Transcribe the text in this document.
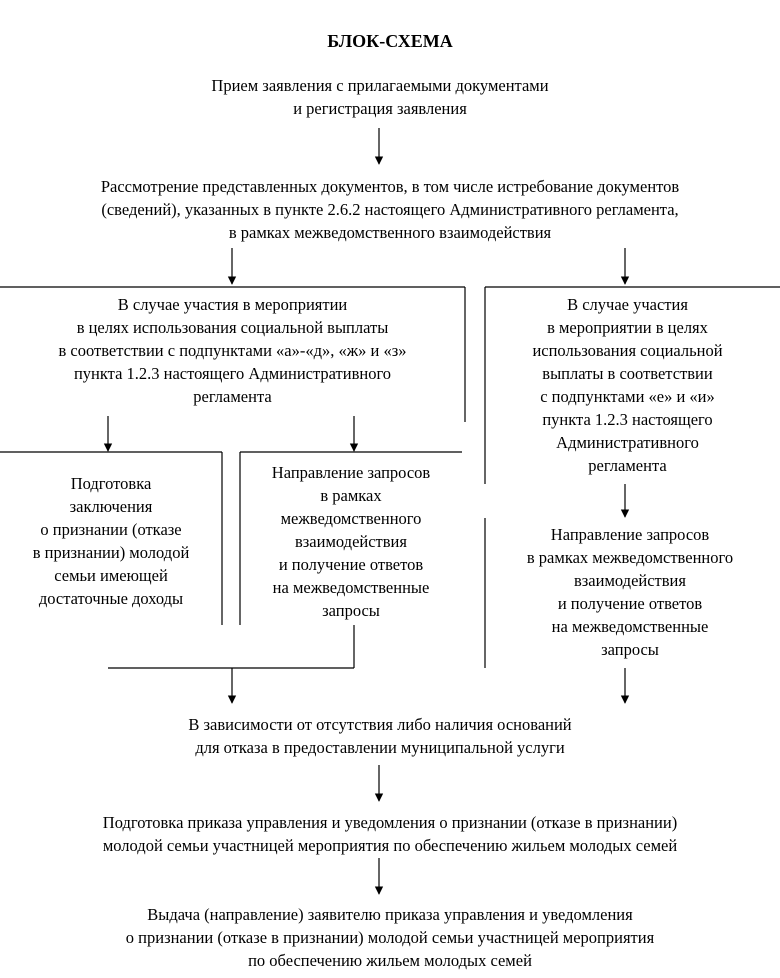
БЛОК-СХЕМА
Прием заявления с прилагаемыми документами
и регистрация заявления
Рассмотрение представленных документов, в том числе истребование документов
(сведений), указанных в пункте 2.6.2 настоящего Административного регламента,
в рамках межведомственного взаимодействия
В случае участия в мероприятии
в целях использования социальной выплаты
в соответствии с подпунктами «а»-«д», «ж» и «з»
пункта 1.2.3 настоящего Административного
регламента
В случае участия
в мероприятии в целях
использования социальной
выплаты в соответствии
с подпунктами «е» и «и»
пункта 1.2.3 настоящего
Административного
регламента
Подготовка
заключения
о признании (отказе
в признании) молодой
семьи имеющей
достаточные доходы
Направление запросов
в рамках
межведомственного
взаимодействия
и получение ответов
на межведомственные
запросы
Направление запросов
в рамках межведомственного
взаимодействия
и получение ответов
на межведомственные
запросы
В зависимости от отсутствия либо наличия оснований
для отказа в предоставлении муниципальной услуги
Подготовка приказа управления и уведомления о признании (отказе в признании)
молодой семьи участницей мероприятия по обеспечению жильем молодых семей
Выдача (направление) заявителю приказа управления и уведомления
о признании (отказе в признании) молодой семьи участницей мероприятия
по обеспечению жильем молодых семей
